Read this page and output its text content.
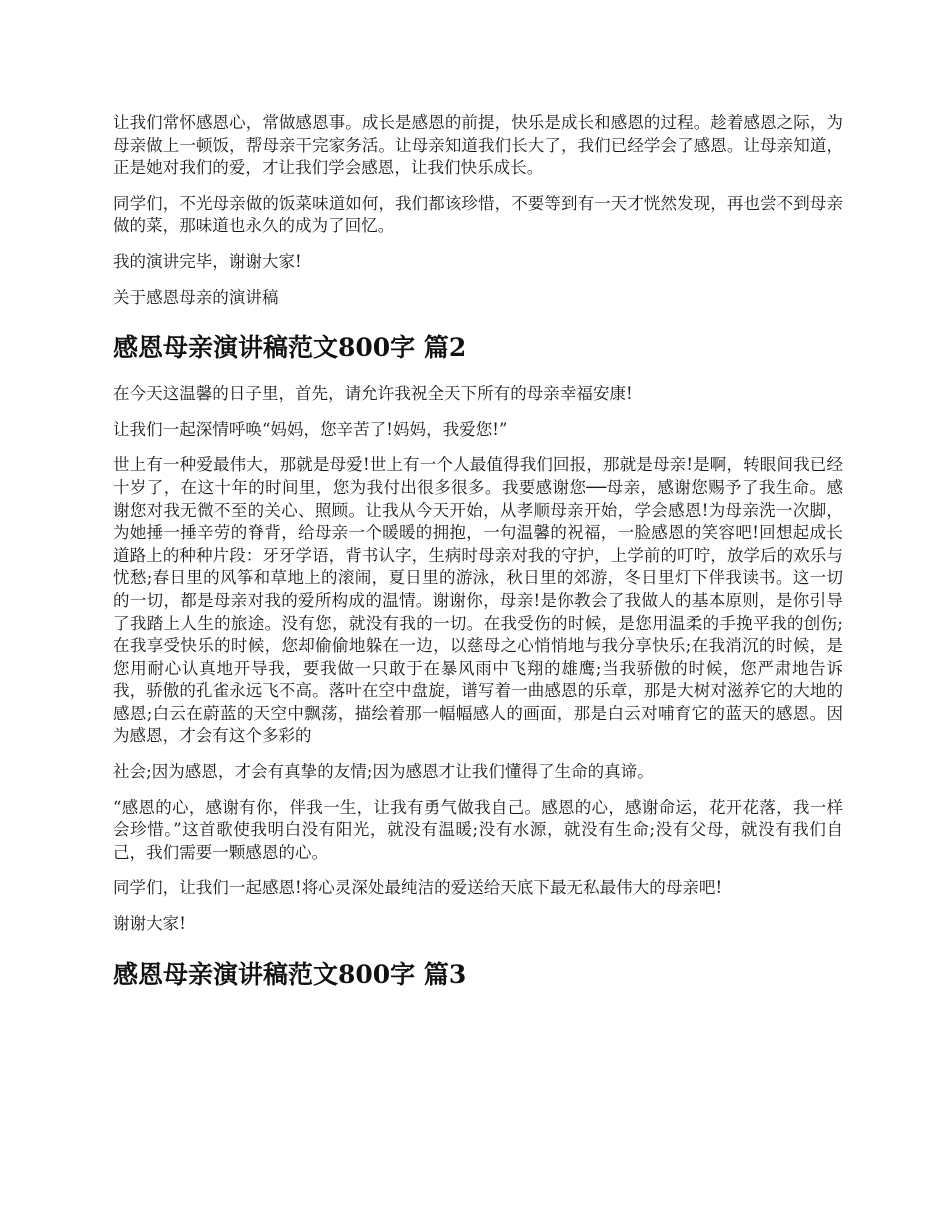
让我们常怀感恩心，常做感恩事。成长是感恩的前提，快乐是成长和感恩的过程。趁着感恩之际，为母亲做上一顿饭，帮母亲干完家务活。让母亲知道我们长大了，我们已经学会了感恩。让母亲知道，正是她对我们的爱，才让我们学会感恩，让我们快乐成长。

同学们，不光母亲做的饭菜味道如何，我们都该珍惜，不要等到有一天才恍然发现，再也尝不到母亲做的菜，那味道也永久的成为了回忆。

我的演讲完毕，谢谢大家!

关于感恩母亲的演讲稿

感恩母亲演讲稿范文800字 篇2

在今天这温馨的日子里，首先，请允许我祝全天下所有的母亲幸福安康!

让我们一起深情呼唤“妈妈，您辛苦了!妈妈，我爱您!”

世上有一种爱最伟大，那就是母爱!世上有一个人最值得我们回报，那就是母亲!是啊，转眼间我已经十岁了，在这十年的时间里，您为我付出很多很多。我要感谢您──母亲，感谢您赐予了我生命。感谢您对我无微不至的关心、照顾。让我从今天开始，从孝顺母亲开始，学会感恩!为母亲洗一次脚，为她捶一捶辛劳的脊背，给母亲一个暖暖的拥抱，一句温馨的祝福，一脸感恩的笑容吧!回想起成长道路上的种种片段：牙牙学语，背书认字，生病时母亲对我的守护，上学前的叮咛，放学后的欢乐与忧愁;春日里的风筝和草地上的滚闹，夏日里的游泳，秋日里的郊游，冬日里灯下伴我读书。这一切的一切，都是母亲对我的爱所构成的温情。谢谢你，母亲!是你教会了我做人的基本原则，是你引导了我踏上人生的旅途。没有您，就没有我的一切。在我受伤的时候，是您用温柔的手挽平我的创伤;在我享受快乐的时候，您却偷偷地躲在一边，以慈母之心悄悄地与我分享快乐;在我消沉的时候，是您用耐心认真地开导我，要我做一只敢于在暴风雨中飞翔的雄鹰;当我骄傲的时候，您严肃地告诉我，骄傲的孔雀永远飞不高。落叶在空中盘旋，谱写着一曲感恩的乐章，那是大树对滋养它的大地的感恩;白云在蔚蓝的天空中飘荡，描绘着那一幅幅感人的画面，那是白云对哺育它的蓝天的感恩。因为感恩，才会有这个多彩的

社会;因为感恩，才会有真挚的友情;因为感恩才让我们懂得了生命的真谛。

“感恩的心，感谢有你，伴我一生，让我有勇气做我自己。感恩的心，感谢命运，花开花落，我一样会珍惜。”这首歌使我明白没有阳光，就没有温暖;没有水源，就没有生命;没有父母，就没有我们自己，我们需要一颗感恩的心。

同学们，让我们一起感恩!将心灵深处最纯洁的爱送给天底下最无私最伟大的母亲吧!

谢谢大家!

感恩母亲演讲稿范文800字 篇3
